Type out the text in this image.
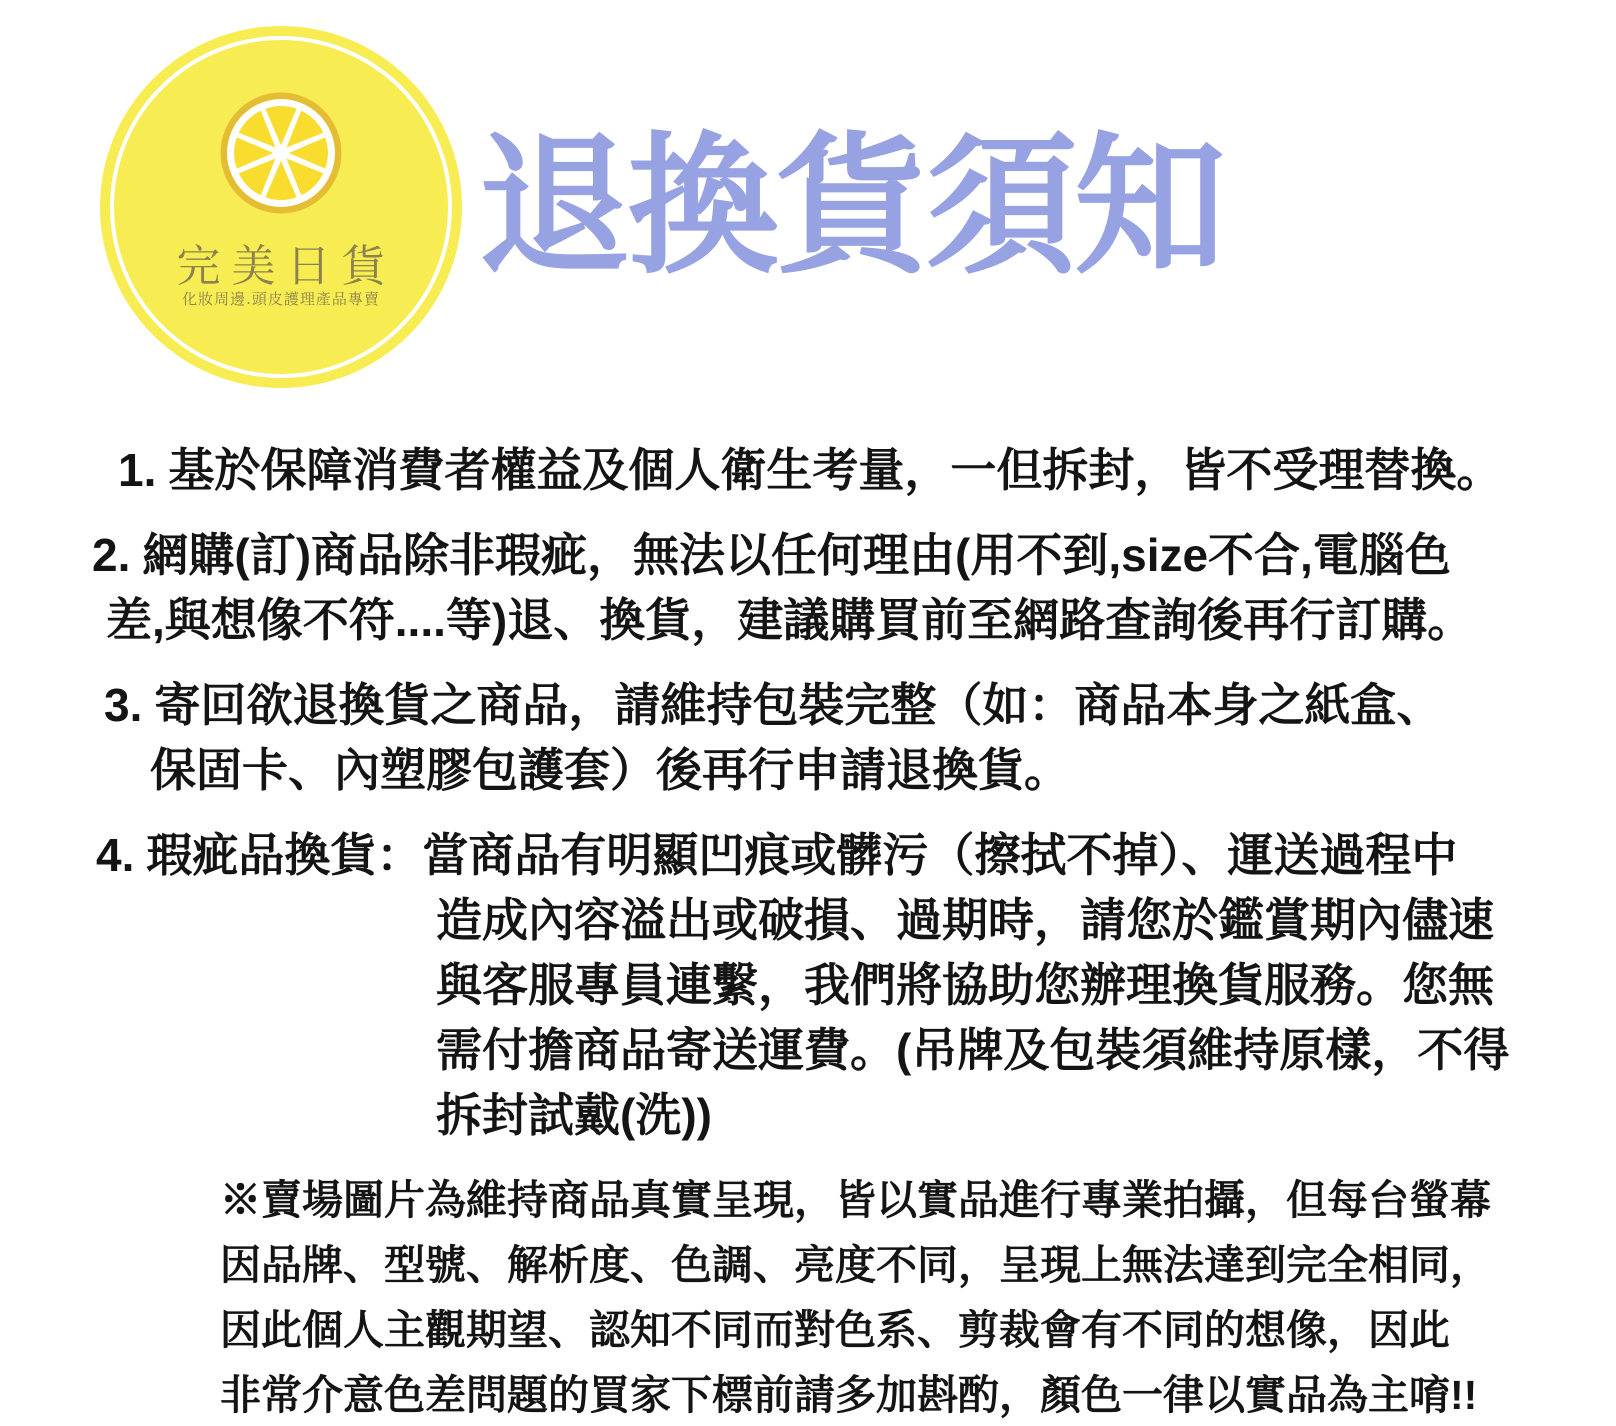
完美日貨
化妝周邊.頭皮護理產品專賣
退換貨須知
1. 基於保障消費者權益及個人衛生考量，一但拆封，皆不受理替換。
2. 網購(訂)商品除非瑕疵，無法以任何理由(用不到,size不合,電腦色
差,與想像不符....等)退、換貨，建議購買前至網路查詢後再行訂購。
3. 寄回欲退換貨之商品，請維持包裝完整（如：商品本身之紙盒、
保固卡、內塑膠包護套）後再行申請退換貨。
4. 瑕疵品換貨：當商品有明顯凹痕或髒污（擦拭不掉）、運送過程中
造成內容溢出或破損、過期時，請您於鑑賞期內儘速
與客服專員連繫，我們將協助您辦理換貨服務。您無
需付擔商品寄送運費。(吊牌及包裝須維持原樣，不得
拆封試戴(洗))
※賣場圖片為維持商品真實呈現，皆以實品進行專業拍攝，但每台螢幕
因品牌、型號、解析度、色調、亮度不同，呈現上無法達到完全相同，
因此個人主觀期望、認知不同而對色系、剪裁會有不同的想像，因此
非常介意色差問題的買家下標前請多加斟酌，顏色一律以實品為主唷!!
